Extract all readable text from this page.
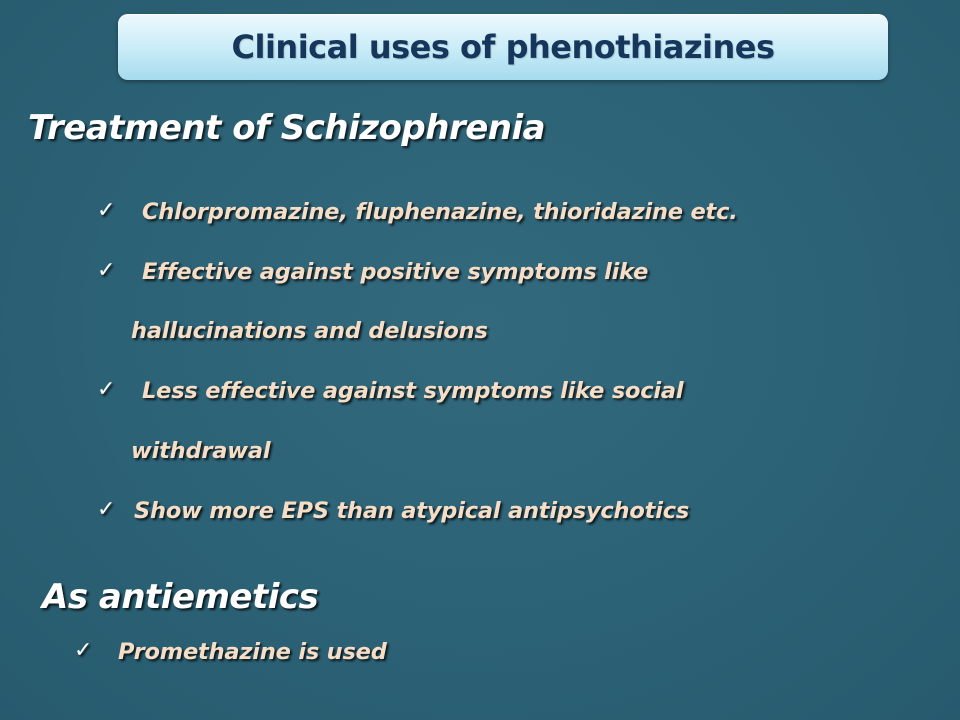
Clinical uses of phenothiazines
Treatment of Schizophrenia
✓ Chlorpromazine, fluphenazine, thioridazine etc.
✓ Effective against positive symptoms like
hallucinations and delusions
✓ Less effective against symptoms like social
withdrawal
✓ Show more EPS than atypical antipsychotics
As antiemetics
✓ Promethazine is used
